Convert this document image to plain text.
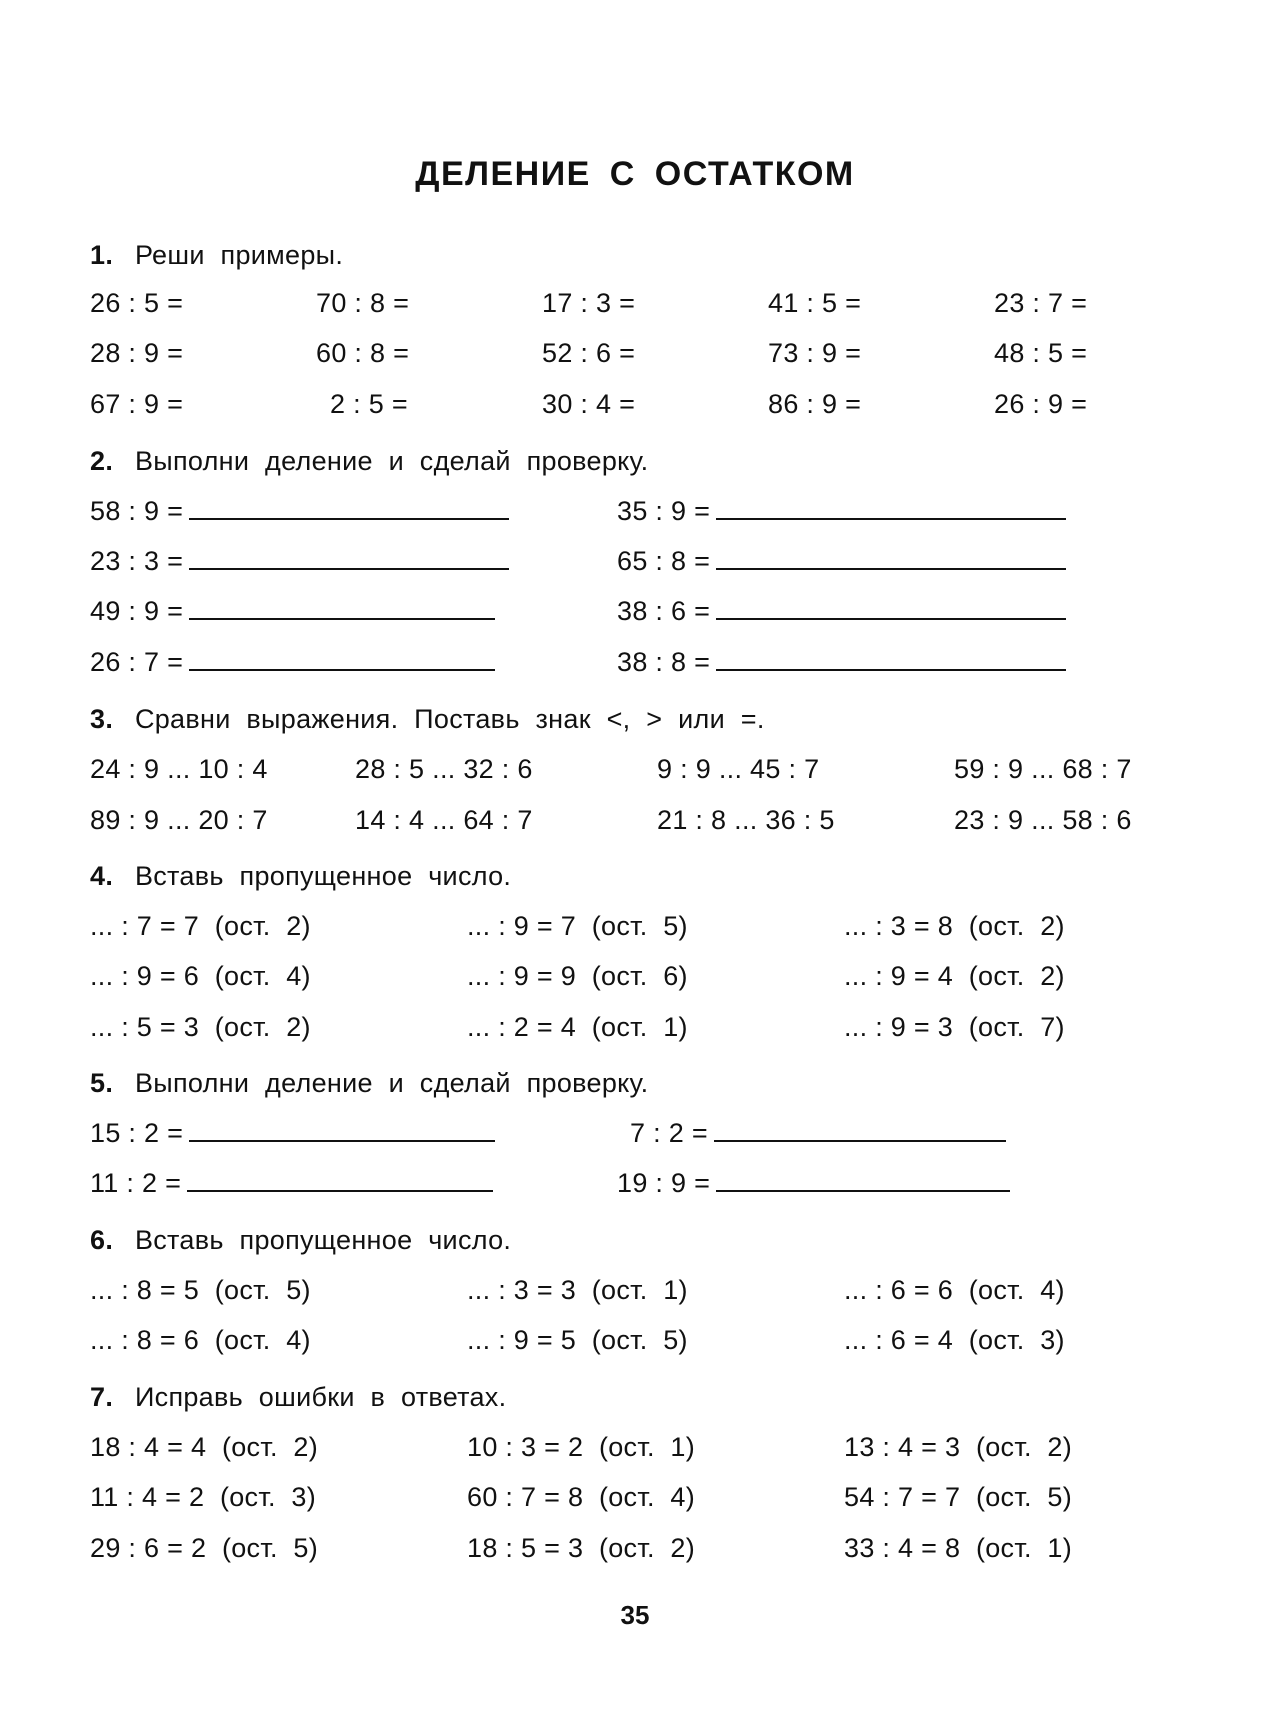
ДЕЛЕНИЕ С ОСТАТКОМ
1. Реши примеры.
26 : 5 =	70 : 8 =	17 : 3 =	41 : 5 =	23 : 7 =
28 : 9 =	60 : 8 =	52 : 6 =	73 : 9 =	48 : 5 =
67 : 9 =	2 : 5 =	30 : 4 =	86 : 9 =	26 : 9 =
2. Выполни деление и сделай проверку.
58 : 9 =	35 : 9 =
23 : 3 =	65 : 8 =
49 : 9 =	38 : 6 =
26 : 7 =	38 : 8 =
3. Сравни выражения. Поставь знак <, > или =.
24 : 9 ... 10 : 4	28 : 5 ... 32 : 6	9 : 9 ... 45 : 7	59 : 9 ... 68 : 7
89 : 9 ... 20 : 7	14 : 4 ... 64 : 7	21 : 8 ... 36 : 5	23 : 9 ... 58 : 6
4. Вставь пропущенное число.
... : 7 = 7  (ост.  2)	... : 9 = 7  (ост.  5)	... : 3 = 8  (ост.  2)
... : 9 = 6  (ост.  4)	... : 9 = 9  (ост.  6)	... : 9 = 4  (ост.  2)
... : 5 = 3  (ост.  2)	... : 2 = 4  (ост.  1)	... : 9 = 3  (ост.  7)
5. Выполни деление и сделай проверку.
15 : 2 =	7 : 2 =
11 : 2 =	19 : 9 =
6. Вставь пропущенное число.
... : 8 = 5  (ост.  5)	... : 3 = 3  (ост.  1)	... : 6 = 6  (ост.  4)
... : 8 = 6  (ост.  4)	... : 9 = 5  (ост.  5)	... : 6 = 4  (ост.  3)
7. Исправь ошибки в ответах.
18 : 4 = 4  (ост.  2)	10 : 3 = 2  (ост.  1)	13 : 4 = 3  (ост.  2)
11 : 4 = 2  (ост.  3)	60 : 7 = 8  (ост.  4)	54 : 7 = 7  (ост.  5)
29 : 6 = 2  (ост.  5)	18 : 5 = 3  (ост.  2)	33 : 4 = 8  (ост.  1)
35
